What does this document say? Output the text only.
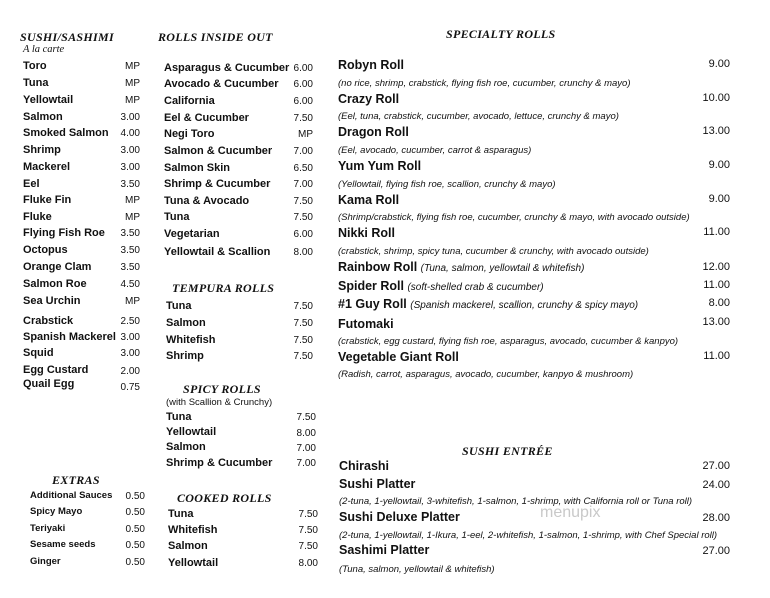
SUSHI/SASHIMI
A la carte
Toro	MP
Tuna	MP
Yellowtail	MP
Salmon	3.00
Smoked Salmon	4.00
Shrimp	3.00
Mackerel	3.00
Eel	3.50
Fluke Fin	MP
Fluke	MP
Flying Fish Roe	3.50
Octopus	3.50
Orange Clam	3.50
Salmon Roe	4.50
Sea Urchin	MP
Crabstick	2.50
Spanish Mackerel 3.00
Squid	3.00
Egg Custard	2.00
Quail Egg	0.75
EXTRAS
Additional Sauces	0.50
Spicy Mayo	0.50
Teriyaki	0.50
Sesame seeds	0.50
Ginger	0.50
ROLLS INSIDE OUT
Asparagus & Cucumber 6.00
Avocado & Cucumber	6.00
California	6.00
Eel & Cucumber	7.50
Negi Toro	MP
Salmon & Cucumber	7.00
Salmon Skin	6.50
Shrimp & Cucumber	7.00
Tuna & Avocado	7.50
Tuna	7.50
Vegetarian	6.00
Yellowtail & Scallion	8.00
TEMPURA ROLLS
Tuna	7.50
Salmon	7.50
Whitefish	7.50
Shrimp	7.50
SPICY ROLLS
(with Scallion & Crunchy)
Tuna	7.50
Yellowtail	8.00
Salmon	7.00
Shrimp & Cucumber	7.00
COOKED ROLLS
Tuna	7.50
Whitefish	7.50
Salmon	7.50
Yellowtail	8.00
SPECIALTY ROLLS
Robyn Roll	9.00
(no rice, shrimp, crabstick, flying fish roe, cucumber, crunchy & mayo)
Crazy Roll	10.00
(Eel, tuna, crabstick, cucumber, avocado, lettuce, crunchy & mayo)
Dragon Roll	13.00
(Eel, avocado, cucumber, carrot & asparagus)
Yum Yum Roll	9.00
(Yellowtail, flying fish roe, scallion, crunchy & mayo)
Kama Roll	9.00
(Shrimp/crabstick, flying fish roe, cucumber, crunchy & mayo, with avocado outside)
Nikki Roll	11.00
(crabstick, shrimp, spicy tuna, cucumber & crunchy, with avocado outside)
Rainbow Roll (Tuna, salmon, yellowtail & whitefish)	12.00
Spider Roll (soft-shelled crab & cucumber)	11.00
#1 Guy Roll (Spanish mackerel, scallion, crunchy & spicy mayo)	8.00
Futomaki	13.00
(crabstick, egg custard, flying fish roe, asparagus, avocado, cucumber & kanpyo)
Vegetable Giant Roll	11.00
(Radish, carrot, asparagus, avocado, cucumber, kanpyo & mushroom)
SUSHI ENTRÉE
Chirashi	27.00
Sushi Platter	24.00
(2-tuna, 1-yellowtail, 3-whitefish, 1-salmon, 1-shrimp, with California roll or Tuna roll)
Sushi Deluxe Platter	28.00
(2-tuna, 1-yellowtail, 1-Ikura, 1-eel, 2-whitefish, 1-salmon, 1-shrimp, with Chef Special roll)
Sashimi Platter	27.00
(Tuna, salmon, yellowtail & whitefish)
menupix
